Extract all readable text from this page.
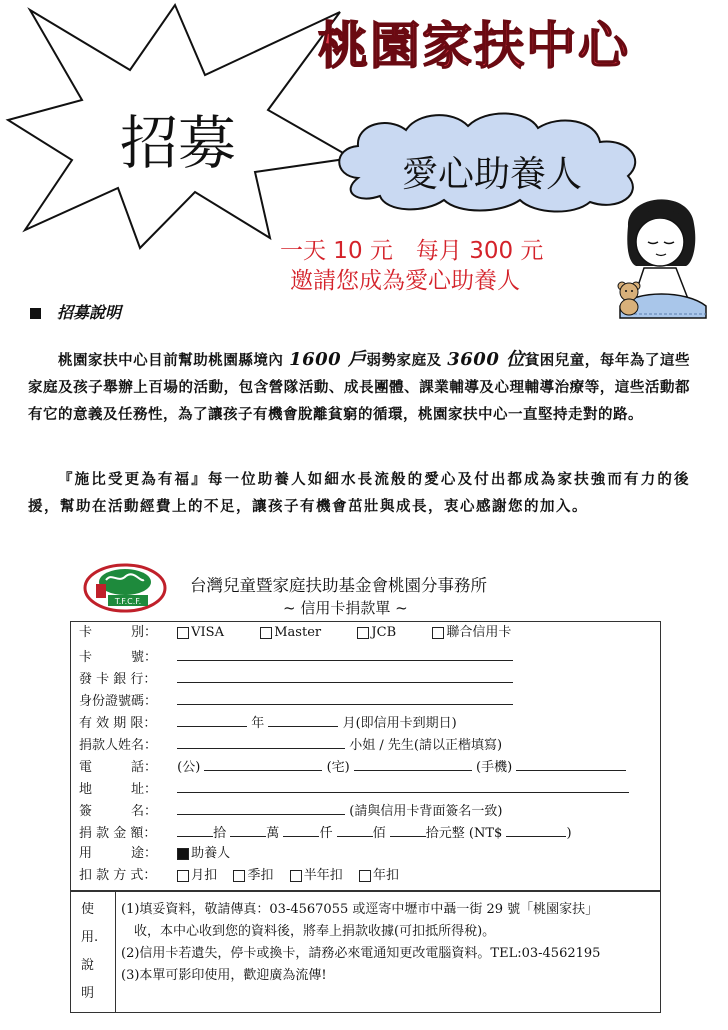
桃園家扶中心
招募	愛心助養人
一天 10 元　每月 300 元
邀請您成為愛心助養人
招募說明
桃園家扶中心目前幫助桃園縣境內 1600 戶弱勢家庭及 3600 位貧困兒童，每年為了這些家庭及孩子舉辦上百場的活動，包含營隊活動、成長團體、課業輔導及心理輔導治療等，這些活動都有它的意義及任務性，為了讓孩子有機會脫離貧窮的循環，桃園家扶中心一直堅持走對的路。
『施比受更為有福』每一位助養人如細水長流般的愛心及付出都成為家扶強而有力的後援，幫助在活動經費上的不足，讓孩子有機會茁壯與成長，衷心感謝您的加入。
T.F.C.F.
台灣兒童暨家庭扶助基金會桃園分事務所
~ 信用卡捐款單 ~
卡　　　別：	VISA	Master	JCB	聯合信用卡
卡　　　號：
發 卡 銀 行：
身份證號碼：
有 效 期 限：	年	月(即信用卡到期日)
捐款人姓名：	小姐 / 先生(請以正楷填寫)
電　　　話： (公)	(宅)	(手機)
地　　　址：
簽　　　名：	(請與信用卡背面簽名一致)
捐 款 金 額：	拾	萬	仟	佰	拾元整 (NT$	)
用　　　途：	助養人
扣 款 方 式：	月扣 季扣 半年扣 年扣
使
用.
說
明
(1)填妥資料，敬請傳真：03-4567055 或逕寄中壢市中聶一街 29 號「桃園家扶」
　收，本中心收到您的資料後，將奉上捐款收據(可扣抵所得稅)。
(2)信用卡若遺失，停卡或換卡，請務必來電通知更改電腦資料。TEL:03-4562195
(3)本單可影印使用，歡迎廣為流傳!
